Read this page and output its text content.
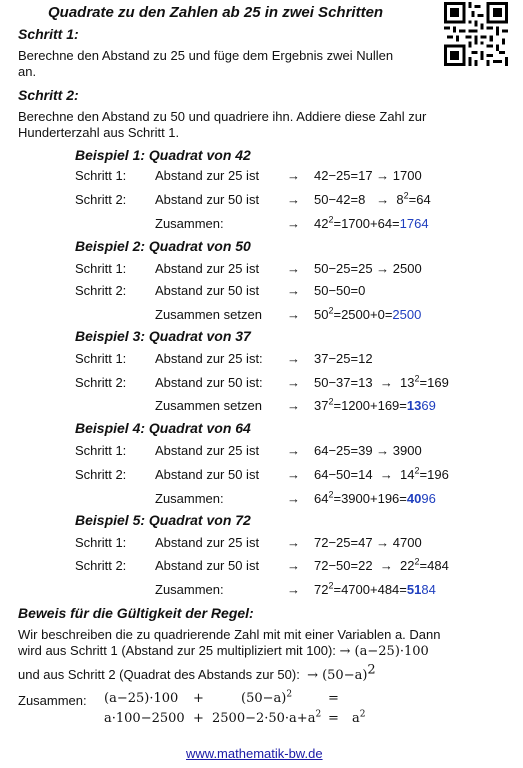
Quadrate zu den Zahlen ab 25 in zwei Schritten
Schritt 1:
Berechne den Abstand zu 25 und füge dem Ergebnis zwei Nullen
an.
Schritt 2:
Berechne den Abstand zu 50 und quadriere ihn. Addiere diese Zahl zur
Hunderterzahl aus Schritt 1.
Beispiel 1: Quadrat von 42
Schritt 1: Abstand zur 25 ist → 42−25=17 → 1700
Schritt 2: Abstand zur 50 ist → $50-42=8 \to 8^2=64$
Zusammen:	→ $42^2=1700+64=1764$
Beispiel 2: Quadrat von 50
Schritt 1: Abstand zur 25 ist → 50−25=25 → 2500
Schritt 2: Abstand zur 50 ist → 50−50=0
Zusammen setzen → $50^2=2500+0=2500$
Beispiel 3: Quadrat von 37
Schritt 1: Abstand zur 25 ist: → 37−25=12
Schritt 2: Abstand zur 50 ist: → $50-37=13 \to 13^2=169$
Zusammen setzen → $37^2=1200+169=1369$
Beispiel 4: Quadrat von 64
Schritt 1: Abstand zur 25 ist → 64−25=39 → 3900
Schritt 2: Abstand zur 50 ist → $64-50=14 \to 14^2=196$
Zusammen:	→ $64^2=3900+196=4096$
Beispiel 5: Quadrat von 72
Schritt 1: Abstand zur 25 ist → 72−25=47 → 4700
Schritt 2: Abstand zur 50 ist → $72-50=22 \to 22^2=484$
Zusammen:	→ $72^2=4700+484=5184$
Beweis für die Gültigkeit der Regel:
Wir beschreiben die zu quadrierende Zahl mit mit einer Variablen a. Dann
wird aus Schritt 1 (Abstand zur 25 multipliziert mit 100): → (a−25)·100
und aus Schritt 2 (Quadrat des Abstands zur 50): → $(50-a)^2$
Zusammen: (a−25)·100 +	$(50-a)^2$	=
$a\cdot 100-2500 + 2500-2\cdot 50\cdot a+a^2 = a^2$
www.mathematik-bw.de
